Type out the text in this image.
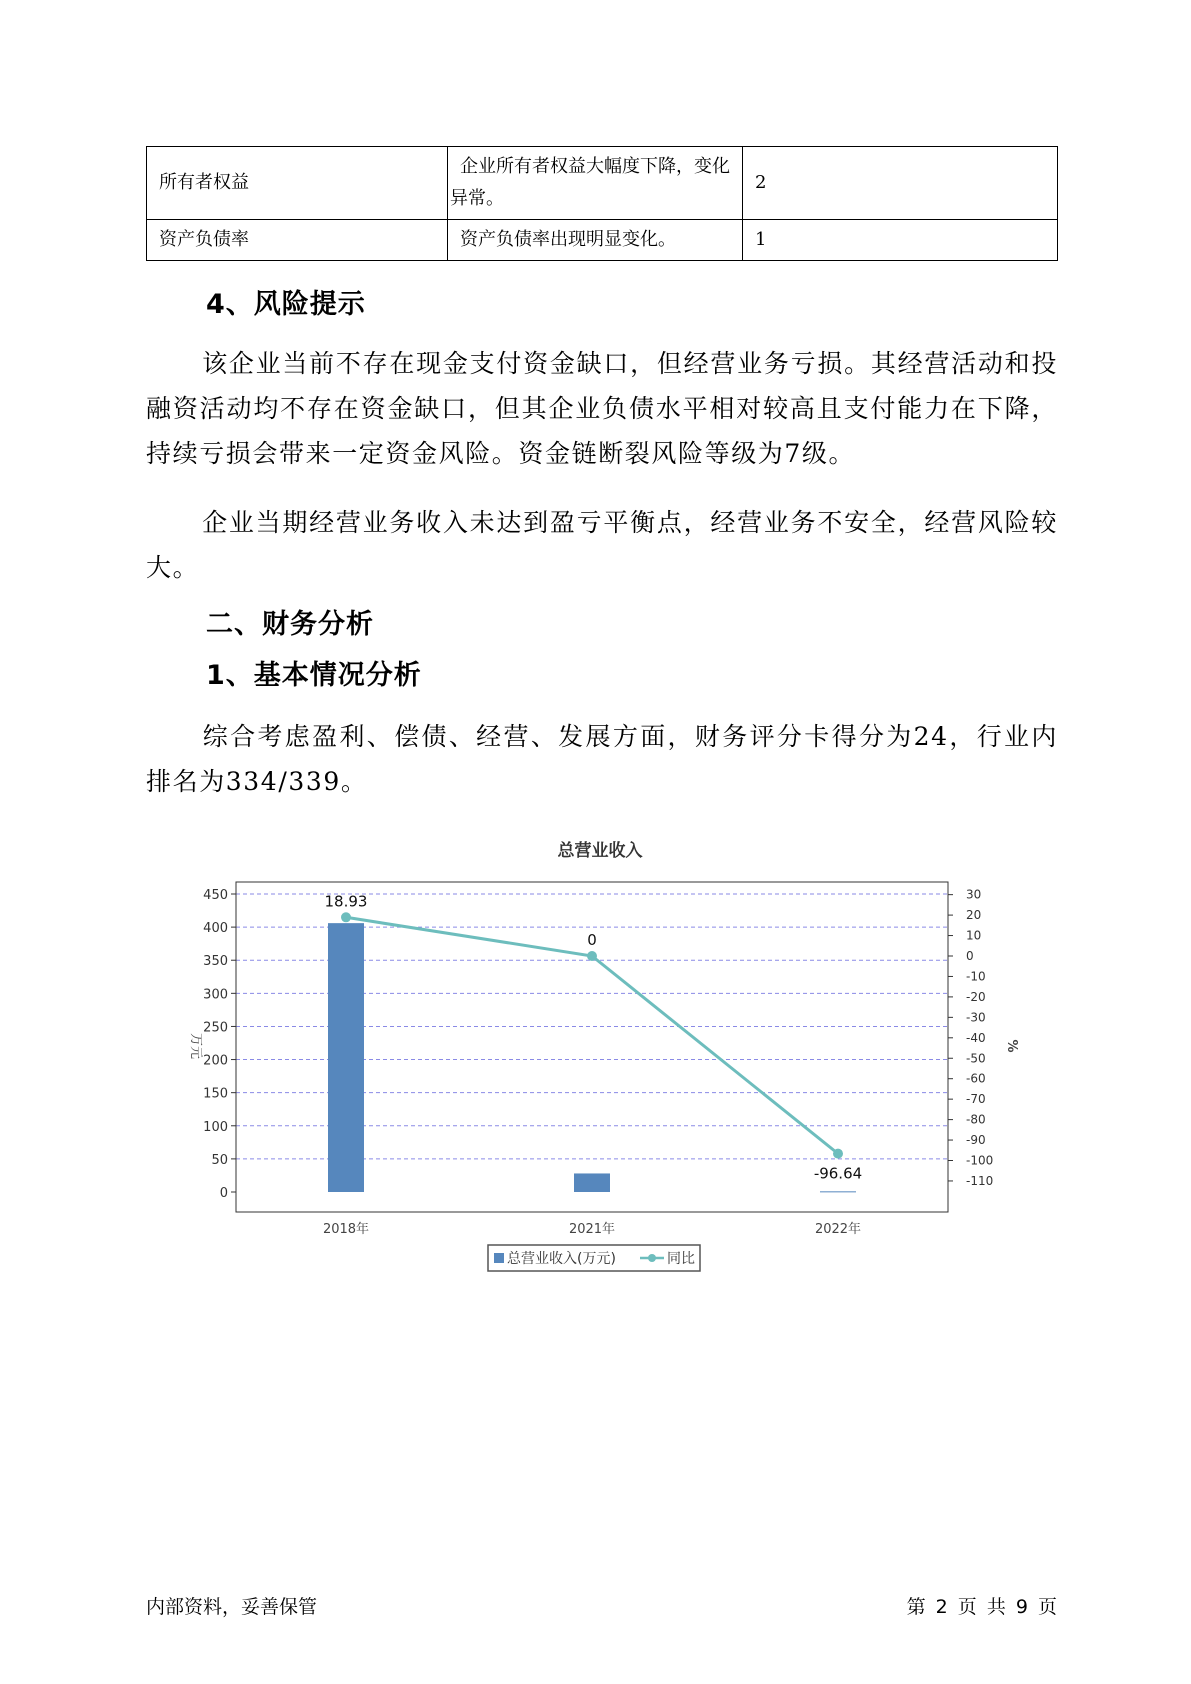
所有者权益	企业所有者权益大幅度下降，变化异常。	2
资产负债率	资产负债率出现明显变化。	1
4、风险提示
该企业当前不存在现金支付资金缺口，但经营业务亏损。其经营活动和投融资活动均不存在资金缺口，但其企业负债水平相对较高且支付能力在下降，持续亏损会带来一定资金风险。资金链断裂风险等级为7级。
企业当期经营业务收入未达到盈亏平衡点，经营业务不安全，经营风险较大。
二、财务分析
1、基本情况分析
综合考虑盈利、偿债、经营、发展方面，财务评分卡得分为24，行业内排名为334/339。
总营业收入
0
50
100
150
200
250
300
350
400
450	30
20
10
0
-10
-20
-30
-40
-50
-60
-70
-80
-90
-100
-110
万元	%
2018年	2021年	2022年
18.93
0
-96.64
总营业收入(万元)	同比
内部资料，妥善保管	第 2 页 共 9 页
